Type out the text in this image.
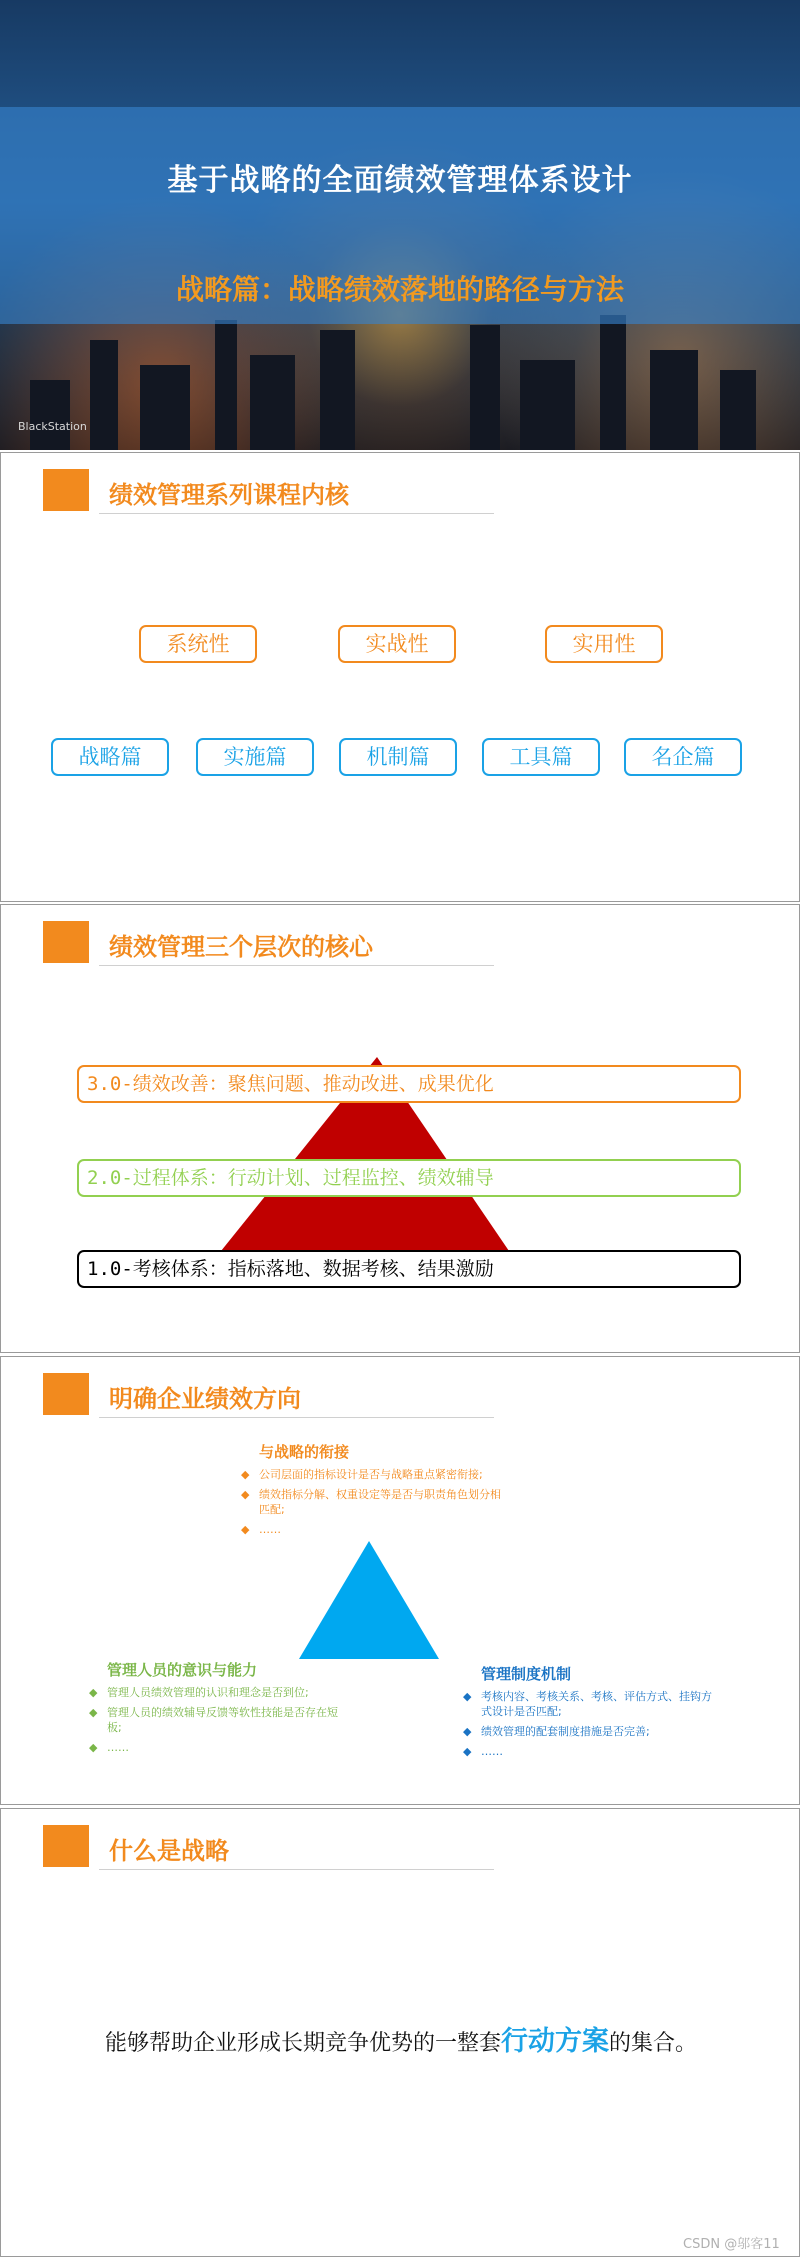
基于战略的全面绩效管理体系设计
战略篇：战略绩效落地的路径与方法
BlackStation
绩效管理系列课程内核
系统性	实战性	实用性
战略篇	实施篇	机制篇	工具篇	名企篇
绩效管理三个层次的核心
3.0-绩效改善：聚焦问题、推动改进、成果优化
2.0-过程体系：行动计划、过程监控、绩效辅导
1.0-考核体系：指标落地、数据考核、结果激励
明确企业绩效方向
与战略的衔接
◆ 公司层面的指标设计是否与战略重点紧密衔接;
◆ 绩效指标分解、权重设定等是否与职责角色划分相匹配;
◆ ……
管理人员的意识与能力
◆ 管理人员绩效管理的认识和理念是否到位;
◆ 管理人员的绩效辅导反馈等软性技能是否存在短板;
◆ ……
管理制度机制
◆ 考核内容、考核关系、考核、评估方式、挂钩方式设计是否匹配;
◆ 绩效管理的配套制度措施是否完善;
◆ ……
什么是战略
能够帮助企业形成长期竞争优势的一整套行动方案的集合。
CSDN @邬客11
